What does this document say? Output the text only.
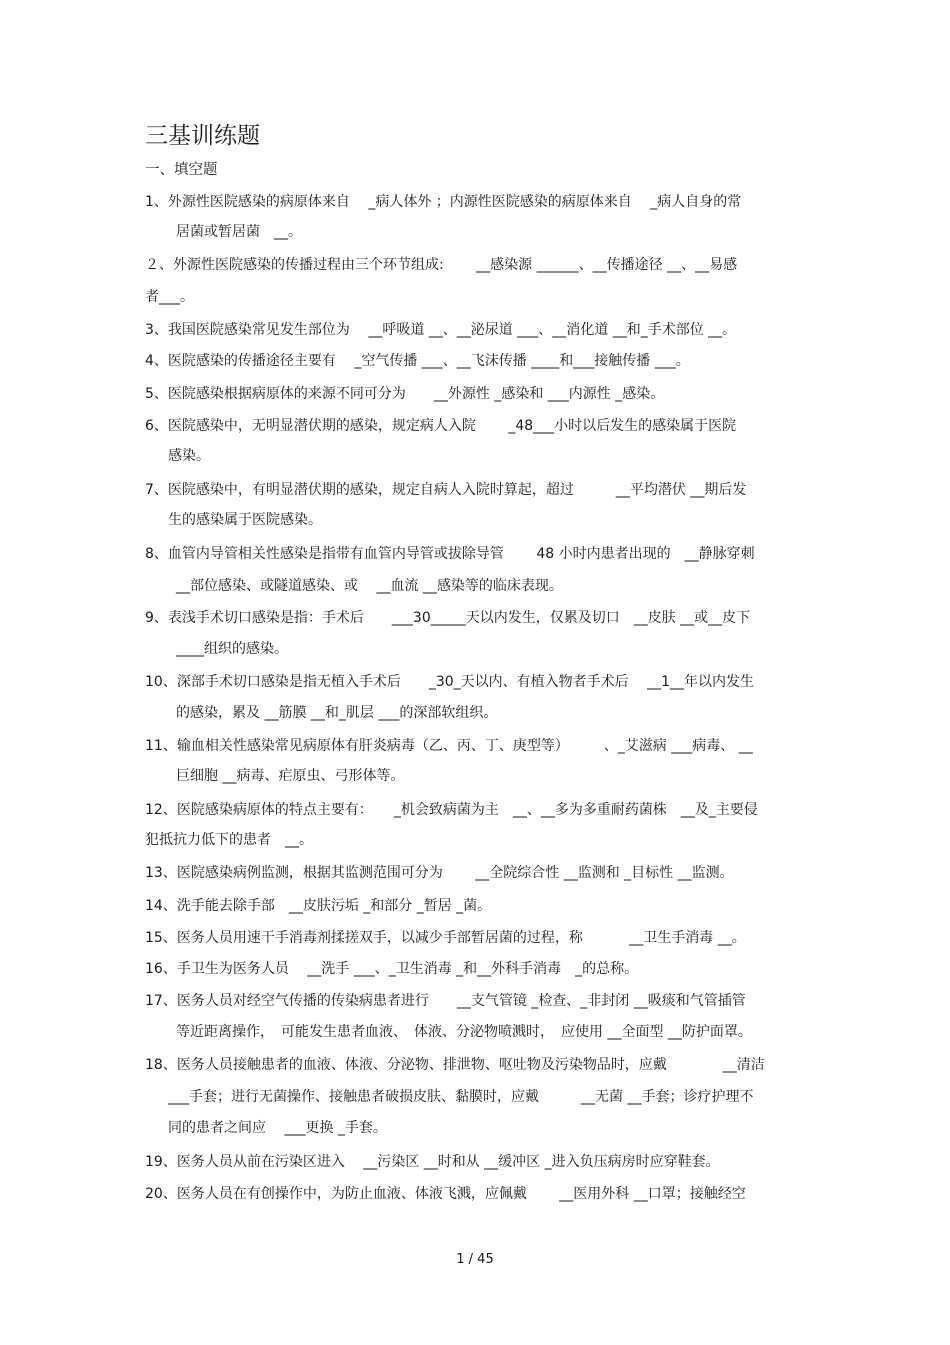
三基训练题
一、填空题
1、外源性医院感染的病原体来自　 _病人体外 ；内源性医院感染的病原体来自　 _病人自身的常
居菌或暂居菌　__。
２、外源性医院感染的传播过程由三个环节组成:　　 __感染源 ______、__传播途径 __、__易感
者___。
3、我国医院感染常见发生部位为　 __呼吸道 __、__泌尿道 ___、__消化道 __和_手术部位 __。
4、医院感染的传播途径主要有　 _空气传播 ___、__飞沫传播 ____和___接触传播 ___。
5、医院感染根据病原体的来源不同可分为　　__外源性 _感染和 ___内源性 _感染。
6、医院感染中，无明显潜伏期的感染，规定病人入院　　 _48___小时以后发生的感染属于医院
感染。
7、医院感染中，有明显潜伏期的感染，规定自病人入院时算起，超过　　　__平均潜伏 __期后发
生的感染属于医院感染。
8、血管内导管相关性感染是指带有血管内导管或拔除导管　　 48 小时内患者出现的　__静脉穿刺
__部位感染、或隧道感染、或　 __血流 __感染等的临床表现。
9、表浅手术切口感染是指：手术后　　___30_____天以内发生，仅累及切口　__皮肤 __或__皮下
____组织的感染。
10、深部手术切口感染是指无植入手术后　　_30_天以内、有植入物者手术后　 __1__年以内发生
的感染，累及 __筋膜 __和_肌层 ___的深部软组织。
11、输血相关性感染常见病原体有肝炎病毒（乙、丙、丁、庚型等）　　　、_艾滋病 ___病毒、 __
巨细胞 __病毒、疟原虫、弓形体等。
12、医院感染病原体的特点主要有：　　_机会致病菌为主　__、__多为多重耐药菌株　__及_主要侵
犯抵抗力低下的患者　__。
13、医院感染病例监测，根据其监测范围可分为　　 __全院综合性 __监测和 _目标性 __监测。
14、洗手能去除手部　__皮肤污垢 _和部分 _暂居 _菌。
15、医务人员用速干手消毒剂揉搓双手，以减少手部暂居菌的过程，称　　　 __卫生手消毒 __。
16、手卫生为医务人员　 __洗手 ___、_卫生消毒 _和__外科手消毒　_的总称。
17、医务人员对经空气传播的传染病患者进行　　__支气管镜 _检查、_非封闭 __吸痰和气管插管
等近距离操作，　可能发生患者血液、　体液、分泌物喷溅时，　应使用 __全面型 __防护面罩。
18、医务人员接触患者的血液、体液、分泌物、排泄物、呕吐物及污染物品时，应戴　　　　__清洁
___手套；进行无菌操作、接触患者破损皮肤、黏膜时，应戴　　　__无菌 __手套；诊疗护理不
同的患者之间应　 ___更换 _手套。
19、医务人员从前在污染区进入　 __污染区 __时和从 __缓冲区 _进入负压病房时应穿鞋套。
20、医务人员在有创操作中，为防止血液、体液飞溅，应佩戴　　 __医用外科 __口罩；接触经空
1 / 45
